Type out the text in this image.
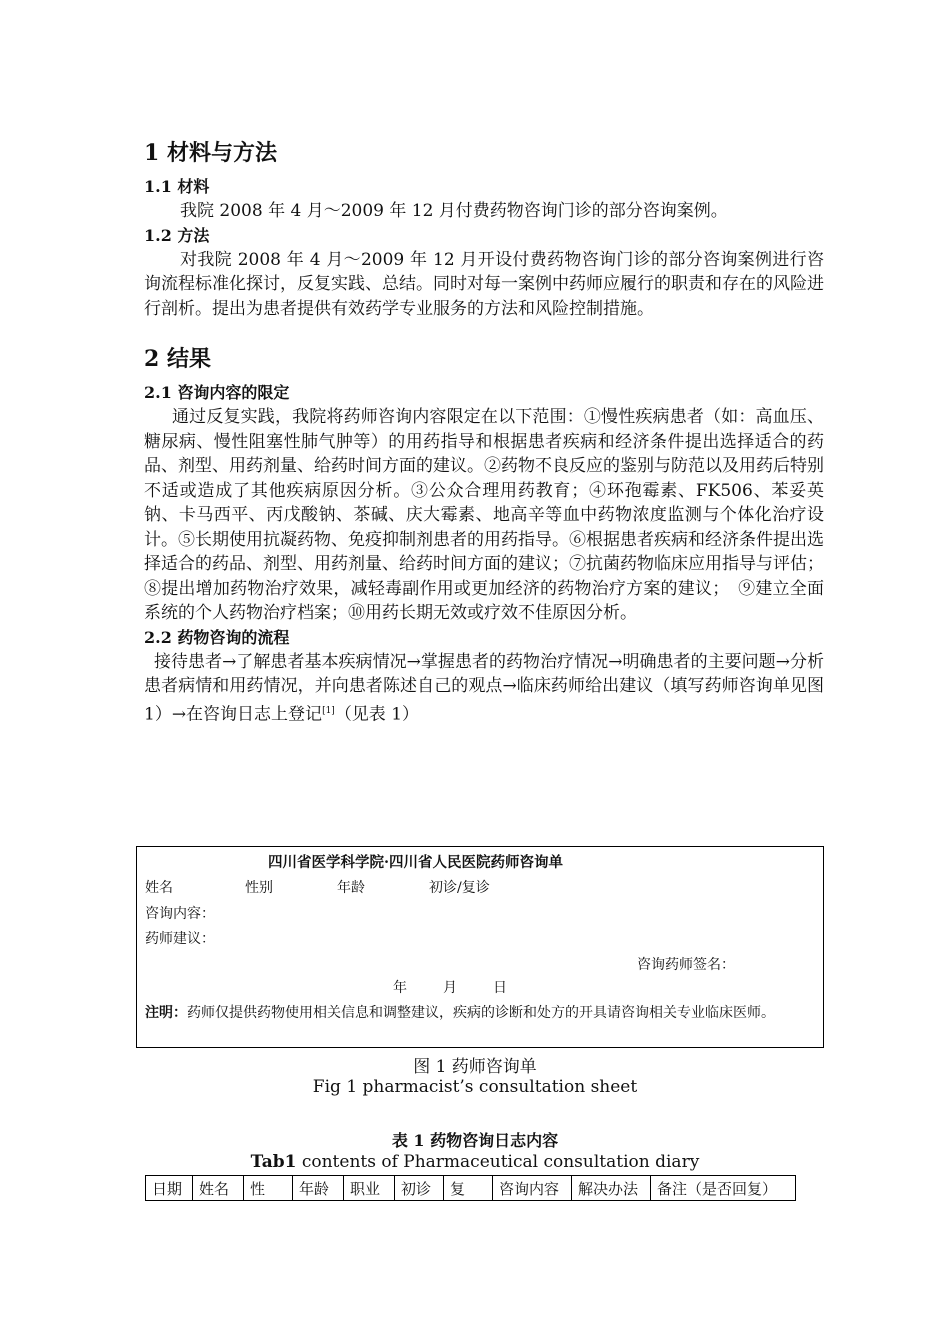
1 材料与方法

1.1 材料

我院 2008 年 4 月～2009 年 12 月付费药物咨询门诊的部分咨询案例。

1.2 方法

对我院 2008 年 4 月～2009 年 12 月开设付费药物咨询门诊的部分咨询案例进行咨询流程标准化探讨，反复实践、总结。同时对每一案例中药师应履行的职责和存在的风险进行剖析。提出为患者提供有效药学专业服务的方法和风险控制措施。

2 结果

2.1 咨询内容的限定

通过反复实践，我院将药师咨询内容限定在以下范围：①慢性疾病患者（如：高血压、糖尿病、慢性阻塞性肺气肿等）的用药指导和根据患者疾病和经济条件提出选择适合的药品、剂型、用药剂量、给药时间方面的建议。②药物不良反应的鉴别与防范以及用药后特别不适或造成了其他疾病原因分析。③公众合理用药教育；④环孢霉素、FK506、苯妥英钠、卡马西平、丙戊酸钠、茶碱、庆大霉素、地高辛等血中药物浓度监测与个体化治疗设计。⑤长期使用抗凝药物、免疫抑制剂患者的用药指导。⑥根据患者疾病和经济条件提出选择适合的药品、剂型、用药剂量、给药时间方面的建议；⑦抗菌药物临床应用指导与评估；⑧提出增加药物治疗效果，减轻毒副作用或更加经济的药物治疗方案的建议；　⑨建立全面系统的个人药物治疗档案；⑩用药长期无效或疗效不佳原因分析。

2.2 药物咨询的流程

接待患者→了解患者基本疾病情况→掌握患者的药物治疗情况→明确患者的主要问题→分析患者病情和用药情况，并向患者陈述自己的观点→临床药师给出建议（填写药师咨询单见图 1）→在咨询日志上登记[1]（见表 1）

四川省医学科学院·四川省人民医院药师咨询单
姓名	性别	年龄	初诊/复诊
咨询内容：
药师建议：
咨询药师签名：
年	月	日
注明：药师仅提供药物使用相关信息和调整建议，疾病的诊断和处方的开具请咨询相关专业临床医师。
图 1 药师咨询单
Fig 1 pharmacist’s consultation sheet
表 1 药物咨询日志内容
Tab1 contents of Pharmaceutical consultation diary
日期	姓名	性	年龄	职业	初诊	复	咨询内容	解决办法	备注（是否回复）
